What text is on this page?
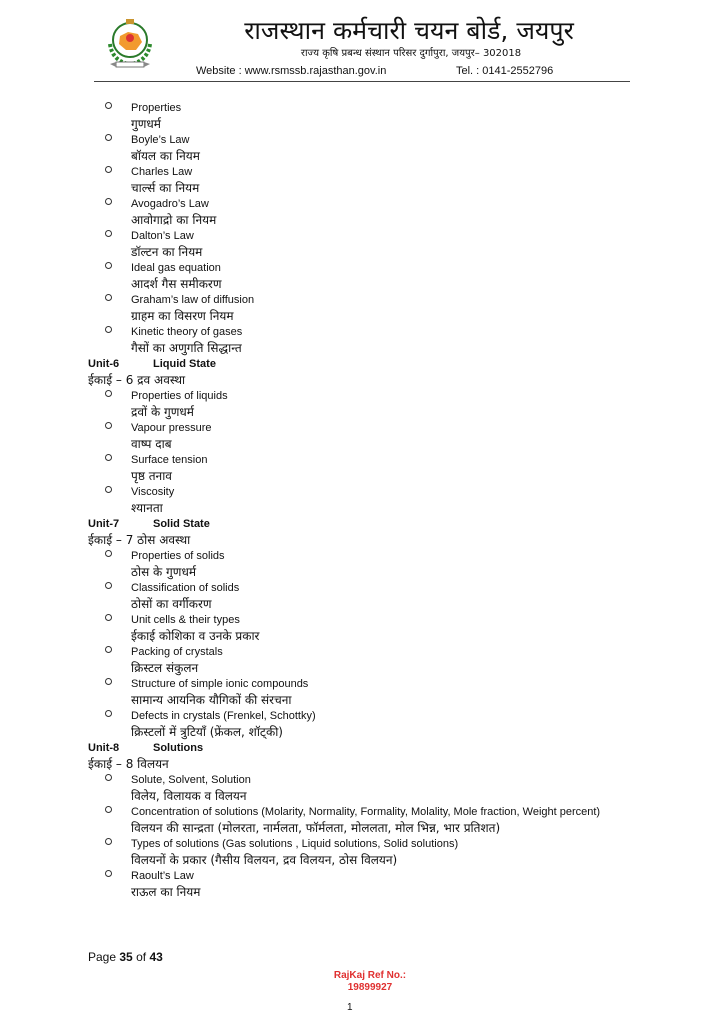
राजस्थान कर्मचारी चयन बोर्ड, जयपुर
राज्य कृषि प्रबन्ध संस्थान परिसर दुर्गापुरा, जयपुर– 302018
Website : www.rsmssb.rajasthan.gov.in	Tel. : 0141-2552796
Properties
गुणधर्म
Boyle’s Law
बॉयल का नियम
Charles Law
चार्ल्स का नियम
Avogadro’s Law
आवोगाद्रो का नियम
Dalton’s Law
डॉल्टन का नियम
Ideal gas equation
आदर्श गैस समीकरण
Graham’s law of diffusion
ग्राहम का विसरण नियम
Kinetic theory of gases
गैसों का अणुगति सिद्धान्त
Unit-6	Liquid State
ईकाई – 6 द्रव अवस्था
Properties of liquids
द्रवों के गुणधर्म
Vapour pressure
वाष्प दाब
Surface tension
पृष्ठ तनाव
Viscosity
श्यानता
Unit-7	Solid State
ईकाई – 7 ठोस अवस्था
Properties of solids
ठोस के गुणधर्म
Classification of solids
ठोसों का वर्गीकरण
Unit cells & their types
ईकाई कोशिका व उनके प्रकार
Packing of crystals
क्रिस्टल संकुलन
Structure of simple ionic compounds
सामान्य आयनिक यौगिकों की संरचना
Defects in crystals (Frenkel, Schottky)
क्रिस्टलों में त्रुटियाँ (फ्रेंकल, शॉट्की)
Unit-8	Solutions
ईकाई – 8 विलयन
Solute, Solvent, Solution
विलेय, विलायक व विलयन
Concentration of solutions (Molarity, Normality, Formality, Molality, Mole fraction, Weight percent)
विलयन की सान्द्रता (मोलरता, नार्मलता, फॉर्मलता, मोललता, मोल भिन्न, भार प्रतिशत)
Types of solutions (Gas solutions , Liquid solutions, Solid solutions)
विलयनों के प्रकार (गैसीय विलयन, द्रव विलयन, ठोस विलयन)
Raoult’s Law
राऊल का नियम
Page 35 of 43
RajKaj Ref No.:
19899927
1
